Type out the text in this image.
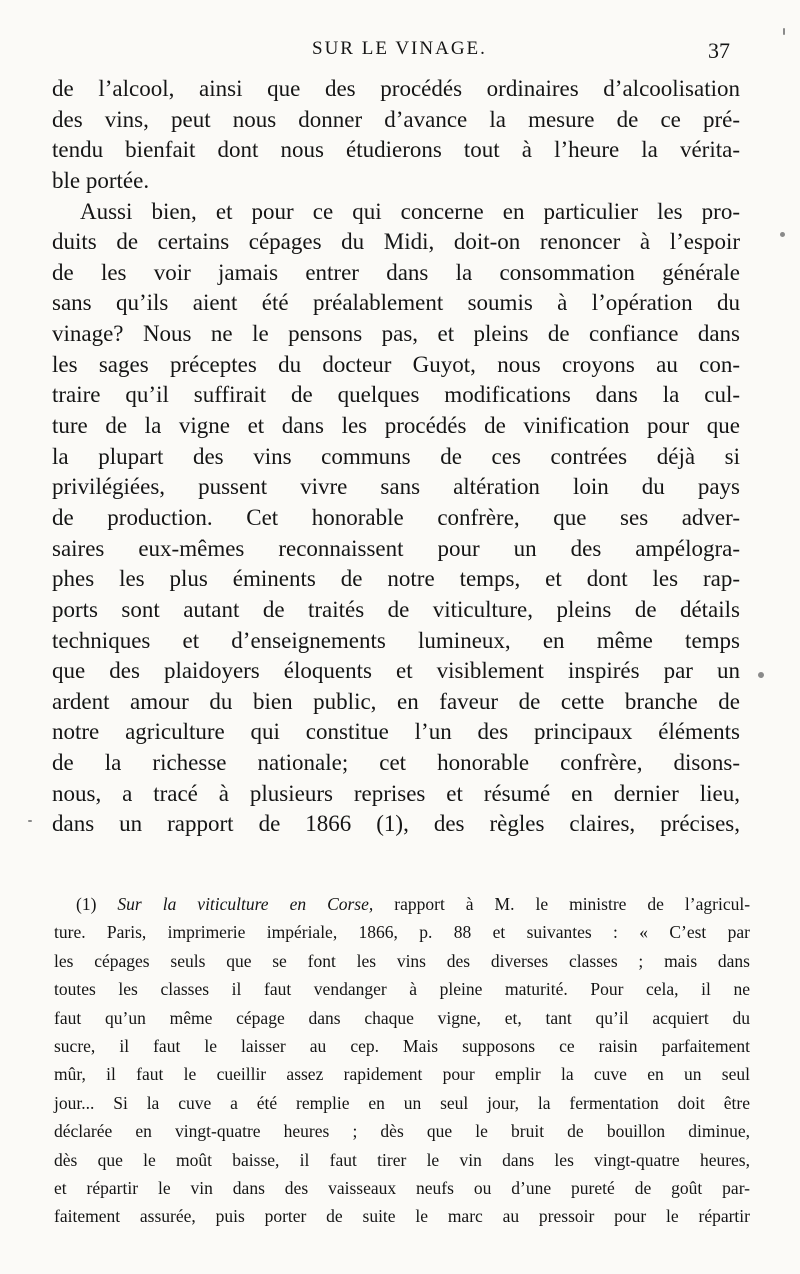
SUR LE VINAGE.	37
de l’alcool, ainsi que des procédés ordinaires d’alcoolisation
des vins, peut nous donner d’avance la mesure de ce pré-
tendu bienfait dont nous étudierons tout à l’heure la vérita-
ble portée.
Aussi bien, et pour ce qui concerne en particulier les pro-
duits de certains cépages du Midi, doit-on renoncer à l’espoir
de les voir jamais entrer dans la consommation générale
sans qu’ils aient été préalablement soumis à l’opération du
vinage? Nous ne le pensons pas, et pleins de confiance dans
les sages préceptes du docteur Guyot, nous croyons au con-
traire qu’il suffirait de quelques modifications dans la cul-
ture de la vigne et dans les procédés de vinification pour que
la plupart des vins communs de ces contrées déjà si
privilégiées, pussent vivre sans altération loin du pays
de production. Cet honorable confrère, que ses adver-
saires eux-mêmes reconnaissent pour un des ampélogra-
phes les plus éminents de notre temps, et dont les rap-
ports sont autant de traités de viticulture, pleins de détails
techniques et d’enseignements lumineux, en même temps
que des plaidoyers éloquents et visiblement inspirés par un
ardent amour du bien public, en faveur de cette branche de
notre agriculture qui constitue l’un des principaux éléments
de la richesse nationale; cet honorable confrère, disons-
nous, a tracé à plusieurs reprises et résumé en dernier lieu,
dans un rapport de 1866 (1), des règles claires, précises,
(1) Sur la viticulture en Corse, rapport à M. le ministre de l’agricul-
ture. Paris, imprimerie impériale, 1866, p. 88 et suivantes : « C’est par
les cépages seuls que se font les vins des diverses classes ; mais dans
toutes les classes il faut vendanger à pleine maturité. Pour cela, il ne
faut qu’un même cépage dans chaque vigne, et, tant qu’il acquiert du
sucre, il faut le laisser au cep. Mais supposons ce raisin parfaitement
mûr, il faut le cueillir assez rapidement pour emplir la cuve en un seul
jour... Si la cuve a été remplie en un seul jour, la fermentation doit être
déclarée en vingt-quatre heures ; dès que le bruit de bouillon diminue,
dès que le moût baisse, il faut tirer le vin dans les vingt-quatre heures,
et répartir le vin dans des vaisseaux neufs ou d’une pureté de goût par-
faitement assurée, puis porter de suite le marc au pressoir pour le répartir
